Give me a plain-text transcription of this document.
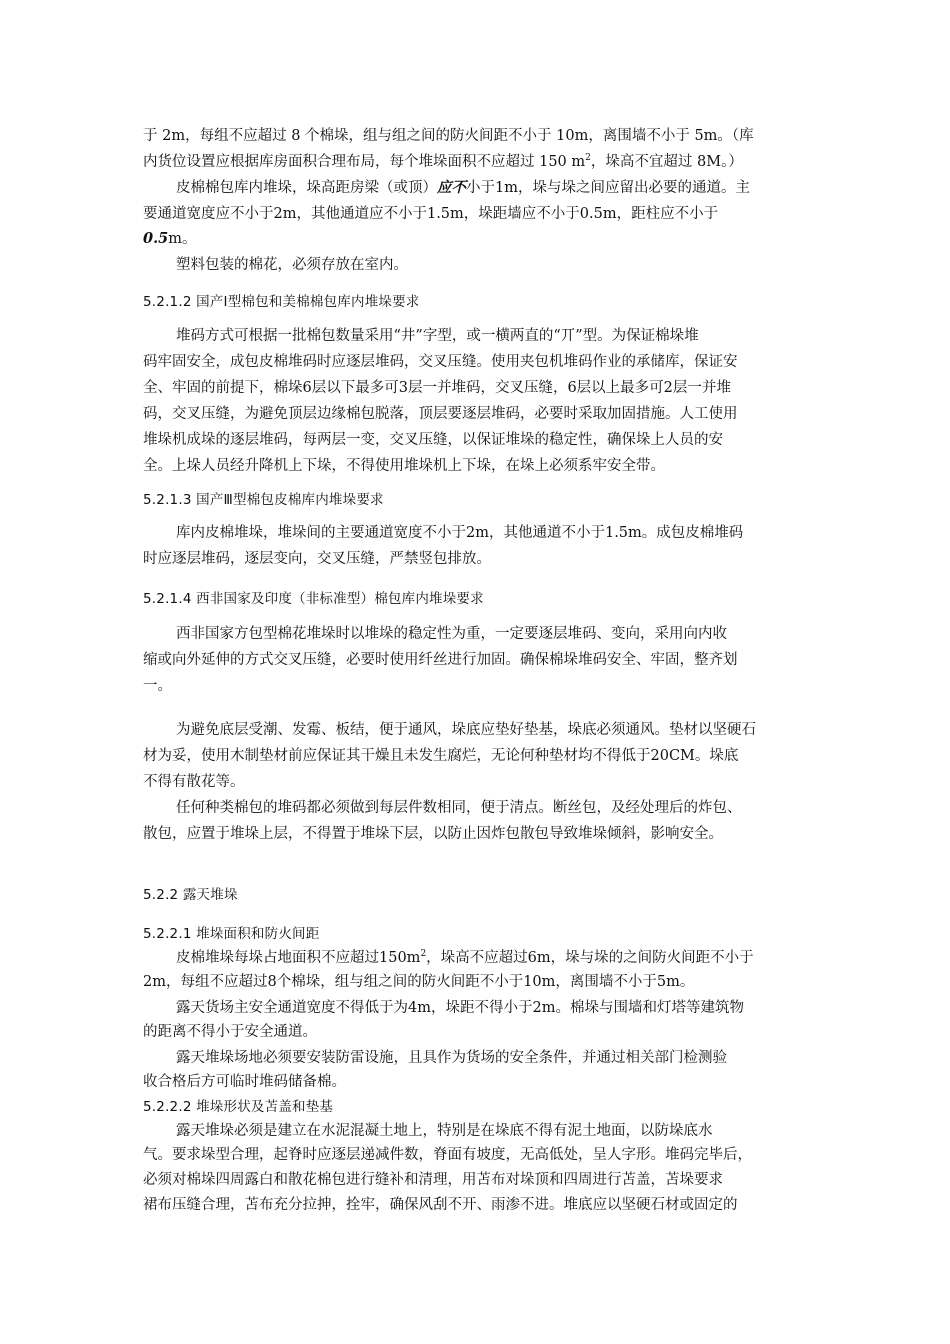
于 2m，每组不应超过 8 个棉垛，组与组之间的防火间距不小于 10m，离围墙不小于 5m。（库
内货位设置应根据库房面积合理布局，每个堆垛面积不应超过 150 $m^2$，垛高不宜超过 8M。）
皮棉棉包库内堆垛，垛高距房梁（或顶）应不小于1m，垛与垛之间应留出必要的通道。主
要通道宽度应不小于2m，其他通道应不小于1.5m，垛距墙应不小于0.5m，距柱应不小于
0.5m。
塑料包装的棉花，必须存放在室内。
5.2.1.2 国产Ⅰ型棉包和美棉棉包库内堆垛要求
堆码方式可根据一批棉包数量采用“井”字型，或一横两直的“丌”型。为保证棉垛堆
码牢固安全，成包皮棉堆码时应逐层堆码，交叉压缝。使用夹包机堆码作业的承储库，保证安
全、牢固的前提下，棉垛6层以下最多可3层一并堆码，交叉压缝，6层以上最多可2层一并堆
码，交叉压缝，为避免顶层边缘棉包脱落，顶层要逐层堆码，必要时采取加固措施。人工使用
堆垛机成垛的逐层堆码，每两层一变，交叉压缝，以保证堆垛的稳定性，确保垛上人员的安
全。上垛人员经升降机上下垛，不得使用堆垛机上下垛，在垛上必须系牢安全带。
5.2.1.3 国产Ⅲ型棉包皮棉库内堆垛要求
库内皮棉堆垛，堆垛间的主要通道宽度不小于2m，其他通道不小于1.5m。成包皮棉堆码
时应逐层堆码，逐层变向，交叉压缝，严禁竖包排放。
5.2.1.4 西非国家及印度（非标准型）棉包库内堆垛要求
西非国家方包型棉花堆垛时以堆垛的稳定性为重，一定要逐层堆码、变向，采用向内收
缩或向外延伸的方式交叉压缝，必要时使用纤丝进行加固。确保棉垛堆码安全、牢固，整齐划
一。
为避免底层受潮、发霉、板结，便于通风，垛底应垫好垫基，垛底必须通风。垫材以坚硬石
材为妥，使用木制垫材前应保证其干燥且未发生腐烂，无论何种垫材均不得低于20CM。垛底
不得有散花等。
任何种类棉包的堆码都必须做到每层件数相同，便于清点。断丝包，及经处理后的炸包、
散包，应置于堆垛上层，不得置于堆垛下层，以防止因炸包散包导致堆垛倾斜，影响安全。
5.2.2 露天堆垛
5.2.2.1 堆垛面积和防火间距
皮棉堆垛每垛占地面积不应超过$150m^2$，垛高不应超过6m，垛与垛的之间防火间距不小于
2m，每组不应超过8个棉垛，组与组之间的防火间距不小于10m，离围墙不小于5m。
露天货场主安全通道宽度不得低于为4m，垛距不得小于2m。棉垛与围墙和灯塔等建筑物
的距离不得小于安全通道。
露天堆垛场地必须要安装防雷设施，且具作为货场的安全条件，并通过相关部门检测验
收合格后方可临时堆码储备棉。
5.2.2.2 堆垛形状及苫盖和垫基
露天堆垛必须是建立在水泥混凝土地上，特别是在垛底不得有泥土地面，以防垛底水
气。要求垛型合理，起脊时应逐层递减件数，脊面有坡度，无高低处，呈人字形。堆码完毕后，
必须对棉垛四周露白和散花棉包进行缝补和清理，用苫布对垛顶和四周进行苫盖，苫垛要求
裙布压缝合理，苫布充分拉抻，拴牢，确保风刮不开、雨渗不进。堆底应以坚硬石材或固定的
